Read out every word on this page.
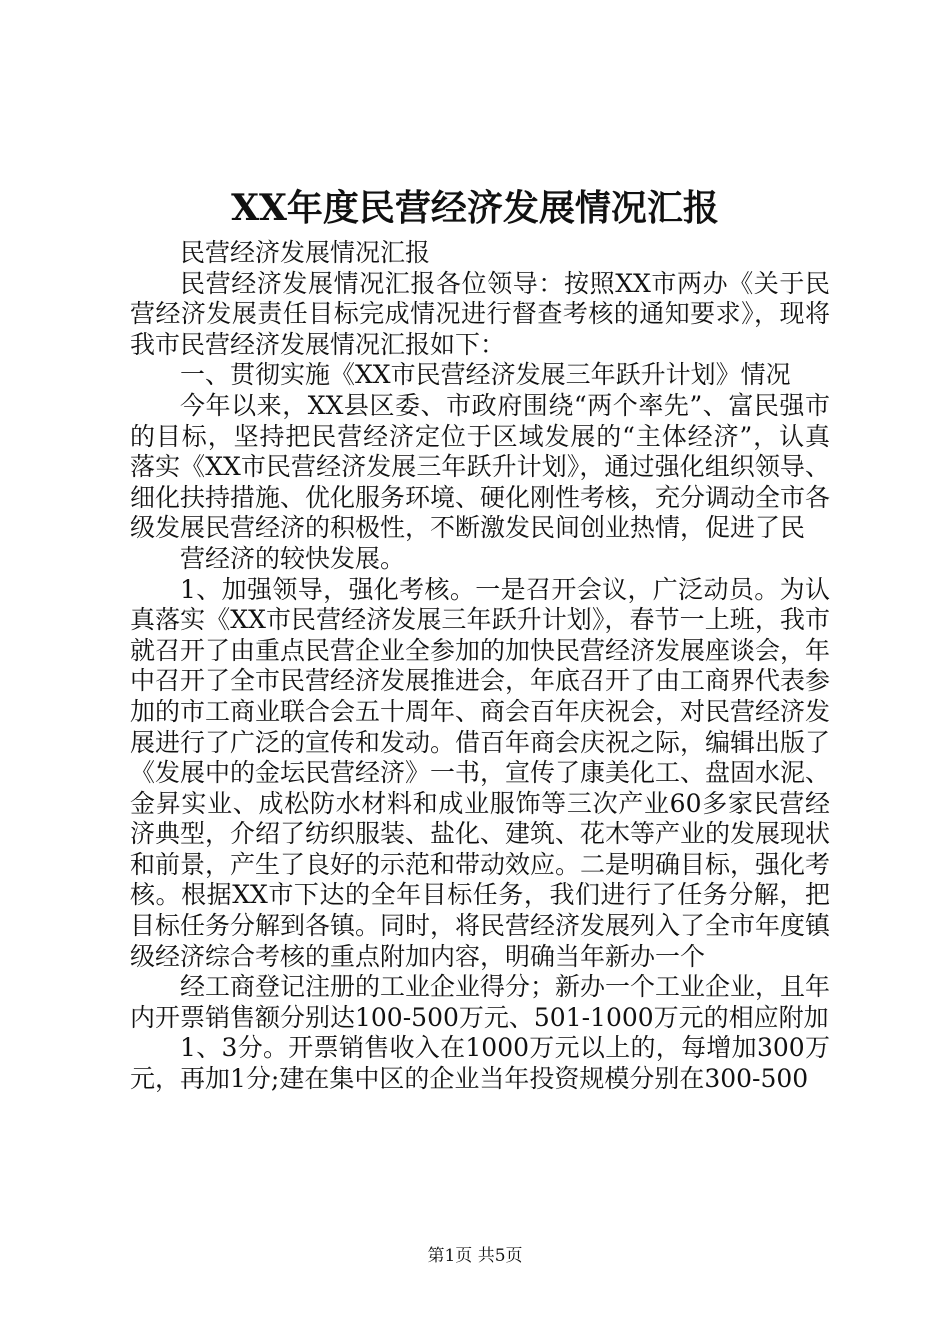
XX年度民营经济发展情况汇报

民营经济发展情况汇报

民营经济发展情况汇报各位领导：按照XX市两办《关于民营经济发展责任目标完成情况进行督查考核的通知要求》，现将我市民营经济发展情况汇报如下：

一、贯彻实施《XX市民营经济发展三年跃升计划》情况

今年以来，XX县区委、市政府围绕“两个率先”、富民强市的目标，坚持把民营经济定位于区域发展的“主体经济”，认真落实《XX市民营经济发展三年跃升计划》，通过强化组织领导、细化扶持措施、优化服务环境、硬化刚性考核，充分调动全市各级发展民营经济的积极性，不断激发民间创业热情，促进了民

营经济的较快发展。

1、加强领导，强化考核。一是召开会议，广泛动员。为认真落实《XX市民营经济发展三年跃升计划》，春节一上班，我市就召开了由重点民营企业全参加的加快民营经济发展座谈会，年中召开了全市民营经济发展推进会，年底召开了由工商界代表参加的市工商业联合会五十周年、商会百年庆祝会，对民营经济发展进行了广泛的宣传和发动。借百年商会庆祝之际，编辑出版了《发展中的金坛民营经济》一书，宣传了康美化工、盘固水泥、金昇实业、成松防水材料和成业服饰等三次产业60多家民营经济典型，介绍了纺织服装、盐化、建筑、花木等产业的发展现状和前景，产生了良好的示范和带动效应。二是明确目标，强化考核。根据XX市下达的全年目标任务，我们进行了任务分解，把目标任务分解到各镇。同时，将民营经济发展列入了全市年度镇级经济综合考核的重点附加内容，明确当年新办一个

经工商登记注册的工业企业得分；新办一个工业企业，且年内开票销售额分别达100-500万元、501-1000万元的相应附加

1、3分。开票销售收入在1000万元以上的，每增加300万元，再加1分;建在集中区的企业当年投资规模分别在300-500

第1页 共5页
